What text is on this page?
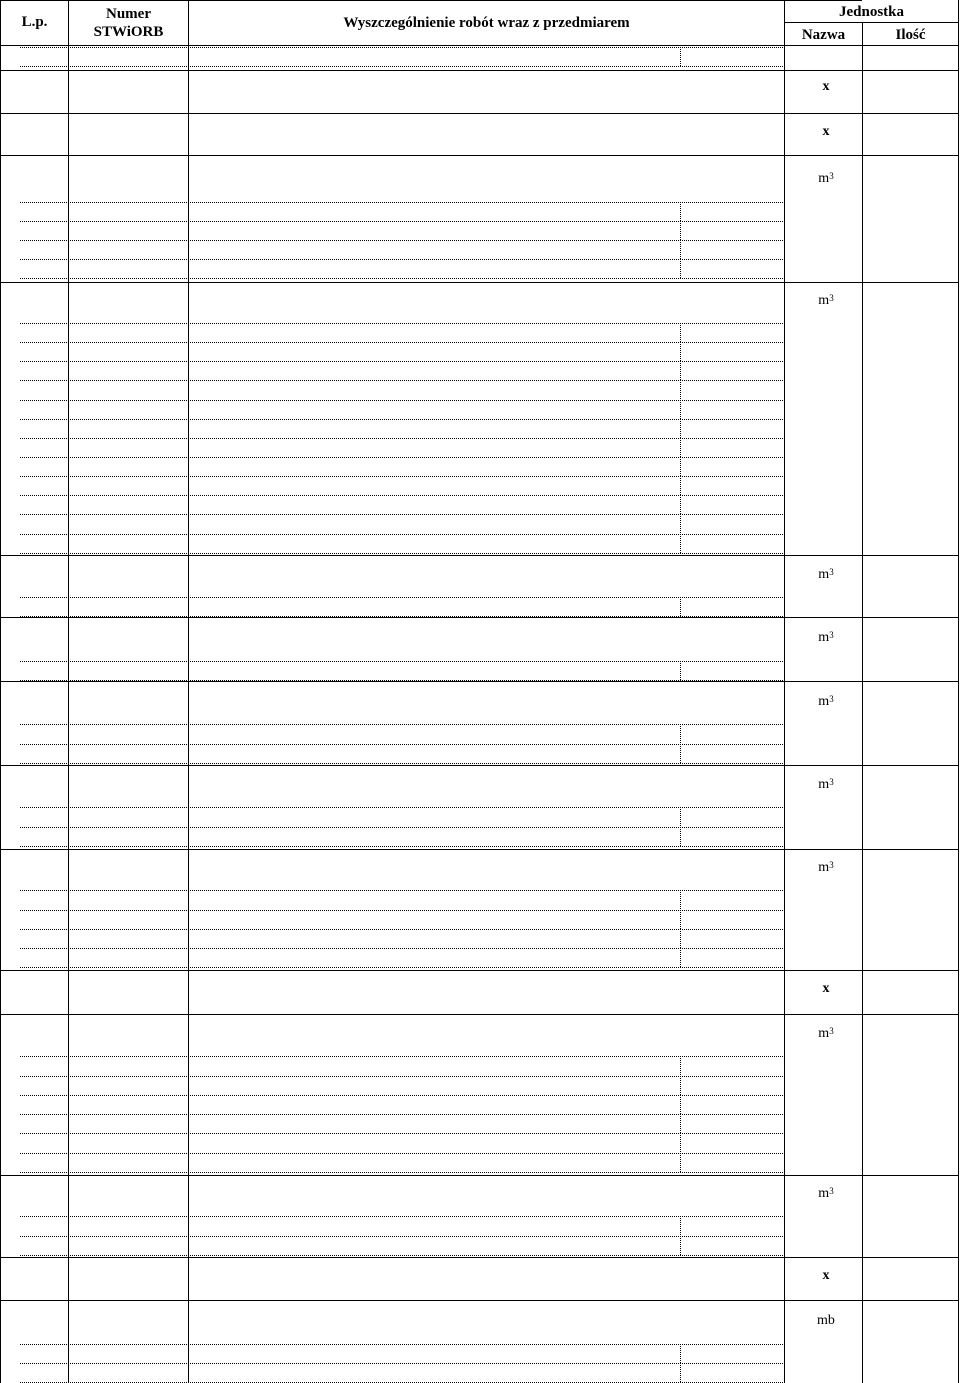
L.p.	Numer
STWiORB
Wyszczególnienie robót wraz z przedmiarem
Jednostka
Nazwa	Ilość
x
x
$m^3$
$m^3$
$m^3$
$m^3$
$m^3$
$m^3$
$m^3$
x
$m^3$
$m^3$
x
mb
